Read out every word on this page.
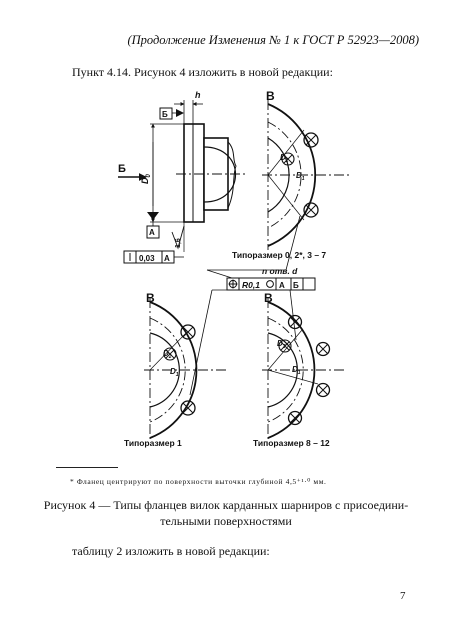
(Продолжение Изменения № 1 к ГОСТ Р 52923—2008)
Пункт 4.14. Рисунок 4 изложить в новой редакции:
h
Б
А
Б
$D_0$
1,6
0,03 А
В
$D_2$
$D_1$
Типоразмер 0, 2*, 3 – 7
n отв. d
R0,1 А Б
В
$D_2$
$D_1$
Типоразмер 1
В
$D_2$
$D_1$
Типоразмер 8 – 12
* Фланец центрируют по поверхности выточки глубиной 4,5⁺¹·⁰ мм.
Рисунок 4 — Типы фланцев вилок карданных шарниров с присоедини-тельными поверхностями
таблицу 2 изложить в новой редакции:
7
